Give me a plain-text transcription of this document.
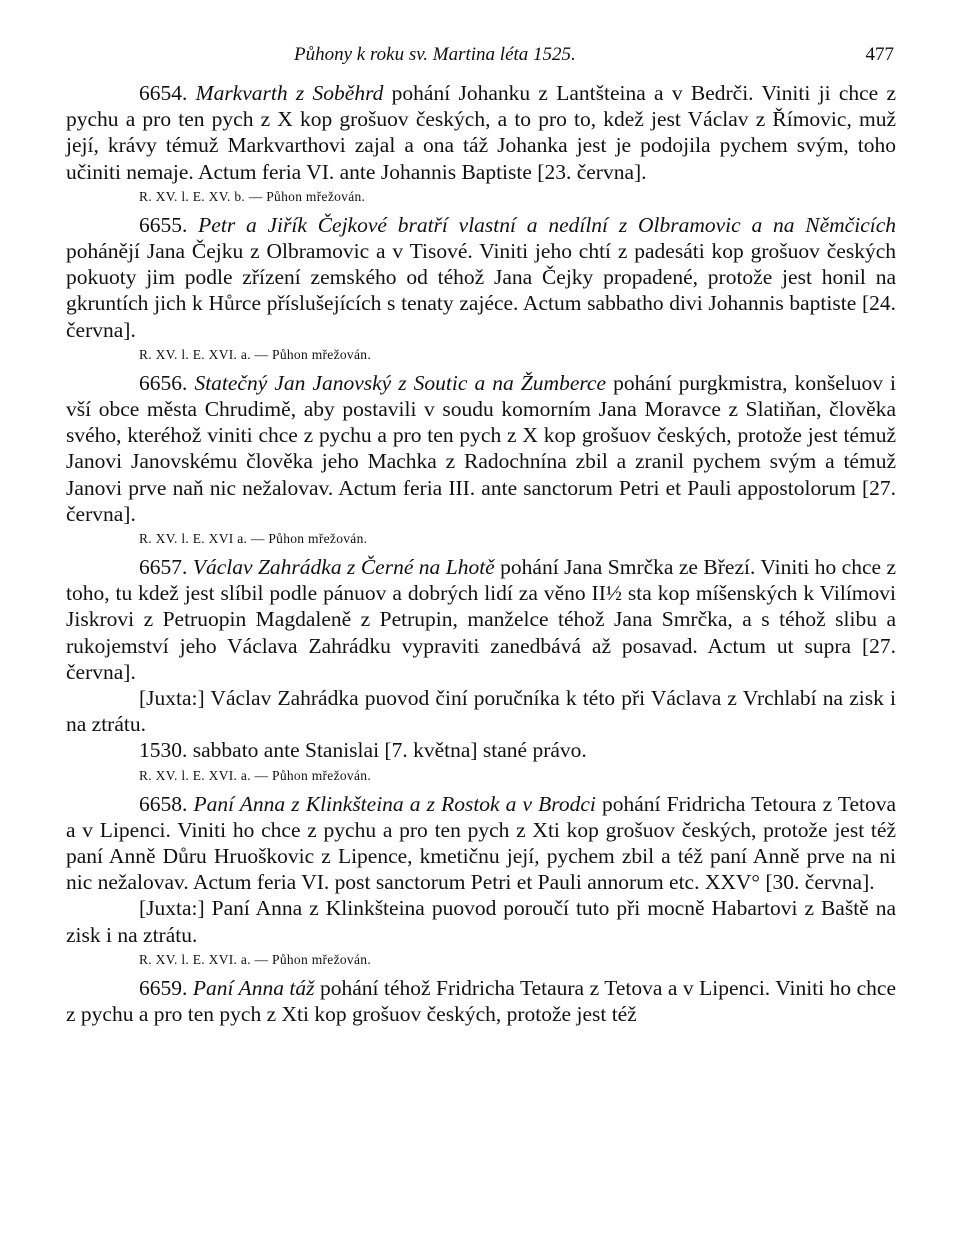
Půhony k roku sv. Martina léta 1525.	477

6654. Markvarth z Soběhrd pohání Johanku z Lantšteina a v Bedrči. Viniti ji chce z pychu a pro ten pych z X kop grošuov českých, a to pro to, kdež jest Václav z Římovic, muž její, krávy témuž Markvarthovi zajal a ona táž Johanka jest je podojila pychem svým, toho učiniti nemaje. Actum feria VI. ante Johannis Baptiste [23. června].

R. XV. l. E. XV. b. — Půhon mřežován.

6655. Petr a Jiřík Čejkové bratří vlastní a nedílní z Olbramovic a na Němčicích pohánějí Jana Čejku z Olbramovic a v Tisové. Viniti jeho chtí z padesáti kop grošuov českých pokuoty jim podle zřízení zemského od téhož Jana Čejky propadené, protože jest honil na gkruntích jich k Hůrce příslušejících s tenaty zajéce. Actum sabbatho divi Johannis baptiste [24. června].

R. XV. l. E. XVI. a. — Půhon mřežován.

6656. Statečný Jan Janovský z Soutic a na Žumberce pohání purgkmistra, konšeluov i vší obce města Chrudimě, aby postavili v soudu komorním Jana Moravce z Slatiňan, člověka svého, kteréhož viniti chce z pychu a pro ten pych z X kop grošuov českých, protože jest témuž Janovi Janovskému člověka jeho Machka z Radochnína zbil a zranil pychem svým a témuž Janovi prve naň nic nežalovav. Actum feria III. ante sanctorum Petri et Pauli appostolorum [27. června].

R. XV. l. E. XVI a. — Půhon mřežován.

6657. Václav Zahrádka z Černé na Lhotě pohání Jana Smrčka ze Březí. Viniti ho chce z toho, tu kdež jest slíbil podle pánuov a dobrých lidí za věno II½ sta kop míšenských k Vilímovi Jiskrovi z Petruopin Magdaleně z Petrupin, manželce téhož Jana Smrčka, a s téhož slibu a rukojemství jeho Václava Zahrádku vypraviti zanedbává až posavad. Actum ut supra [27. června].

[Juxta:] Václav Zahrádka puovod činí poručníka k této při Václava z Vrchlabí na zisk i na ztrátu.

1530. sabbato ante Stanislai [7. května] stané právo.

R. XV. l. E. XVI. a. — Půhon mřežován.

6658. Paní Anna z Klinkšteina a z Rostok a v Brodci pohání Fridricha Tetoura z Tetova a v Lipenci. Viniti ho chce z pychu a pro ten pych z Xti kop grošuov českých, protože jest též paní Anně Důru Hruoškovic z Lipence, kmetičnu její, pychem zbil a též paní Anně prve na ni nic nežalovav. Actum feria VI. post sanctorum Petri et Pauli annorum etc. XXV° [30. června].

[Juxta:] Paní Anna z Klinkšteina puovod poroučí tuto při mocně Habartovi z Baště na zisk i na ztrátu.

R. XV. l. E. XVI. a. — Půhon mřežován.

6659. Paní Anna táž pohání téhož Fridricha Tetaura z Tetova a v Lipenci. Viniti ho chce z pychu a pro ten pych z Xti kop grošuov českých, protože jest též
